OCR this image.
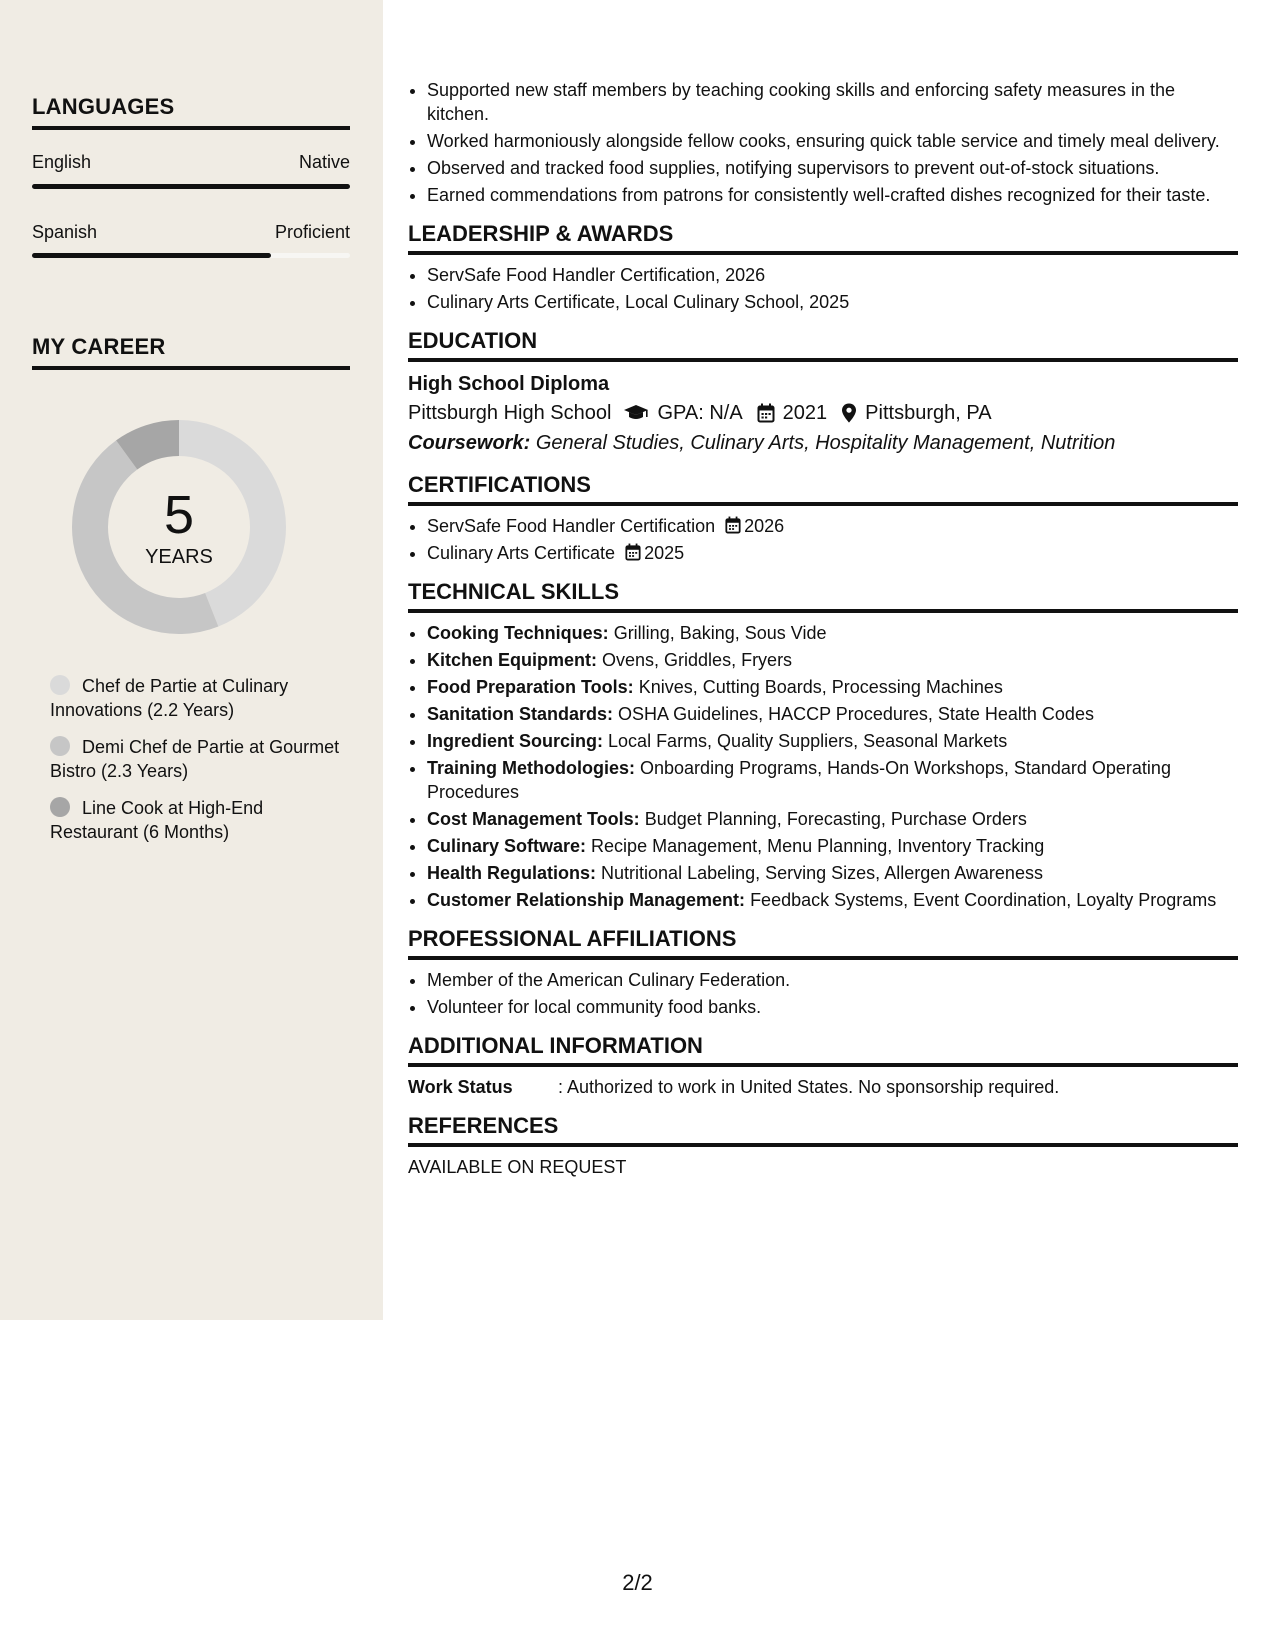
LANGUAGES
English	Native
Spanish	Proficient
MY CAREER
5
YEARS
Chef de Partie at Culinary Innovations (2.2 Years)
Demi Chef de Partie at Gourmet Bistro (2.3 Years)
Line Cook at High-End Restaurant (6 Months)
• Supported new staff members by teaching cooking skills and enforcing safety measures in the kitchen.
• Worked harmoniously alongside fellow cooks, ensuring quick table service and timely meal delivery.
• Observed and tracked food supplies, notifying supervisors to prevent out-of-stock situations.
• Earned commendations from patrons for consistently well-crafted dishes recognized for their taste.
LEADERSHIP & AWARDS
• ServSafe Food Handler Certification, 2026
• Culinary Arts Certificate, Local Culinary School, 2025
EDUCATION
High School Diploma
Pittsburgh High School GPA: N/A 2021 Pittsburgh, PA
Coursework: General Studies, Culinary Arts, Hospitality Management, Nutrition
CERTIFICATIONS
• ServSafe Food Handler Certification 2026
• Culinary Arts Certificate 2025
TECHNICAL SKILLS
• Cooking Techniques: Grilling, Baking, Sous Vide
• Kitchen Equipment: Ovens, Griddles, Fryers
• Food Preparation Tools: Knives, Cutting Boards, Processing Machines
• Sanitation Standards: OSHA Guidelines, HACCP Procedures, State Health Codes
• Ingredient Sourcing: Local Farms, Quality Suppliers, Seasonal Markets
• Training Methodologies: Onboarding Programs, Hands-On Workshops, Standard Operating Procedures
• Cost Management Tools: Budget Planning, Forecasting, Purchase Orders
• Culinary Software: Recipe Management, Menu Planning, Inventory Tracking
• Health Regulations: Nutritional Labeling, Serving Sizes, Allergen Awareness
• Customer Relationship Management: Feedback Systems, Event Coordination, Loyalty Programs
PROFESSIONAL AFFILIATIONS
• Member of the American Culinary Federation.
• Volunteer for local community food banks.
ADDITIONAL INFORMATION
Work Status	: Authorized to work in United States. No sponsorship required.
REFERENCES
AVAILABLE ON REQUEST
2/2
